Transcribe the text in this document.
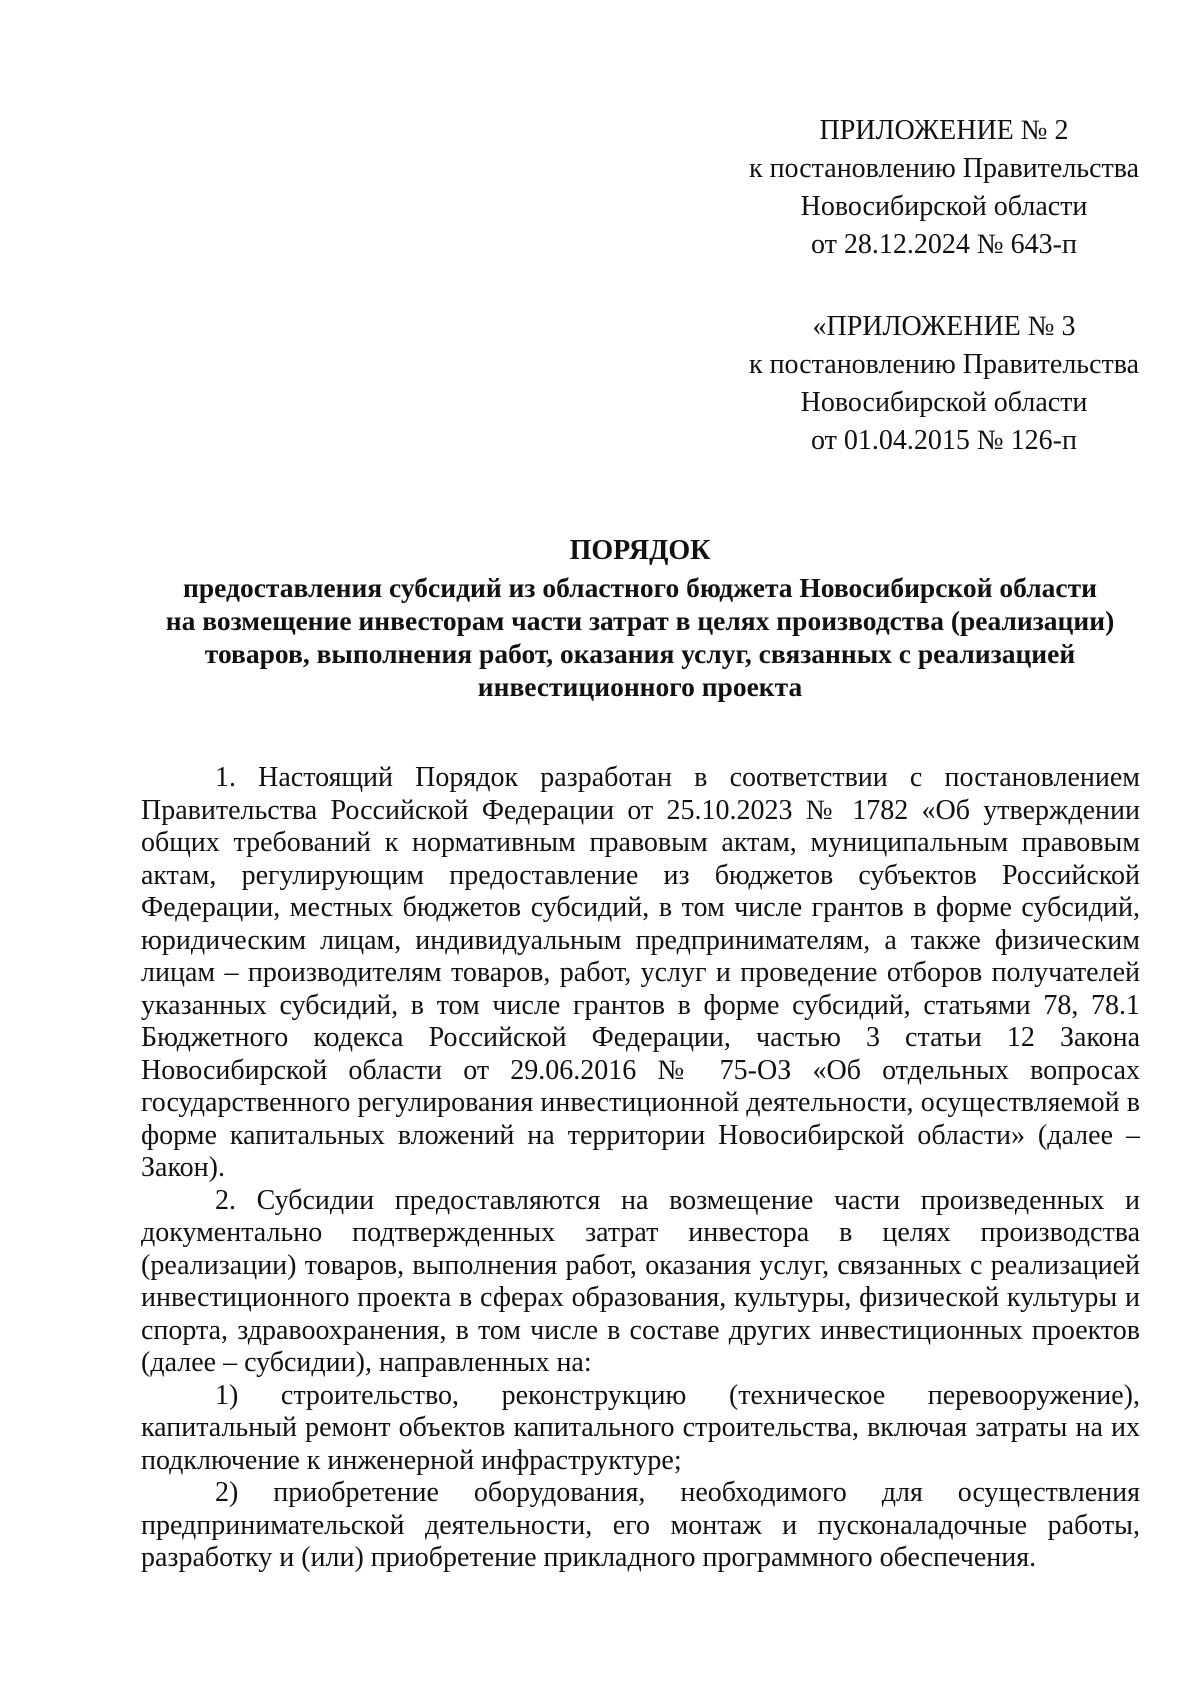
ПРИЛОЖЕНИЕ № 2
к постановлению Правительства
Новосибирской области
от 28.12.2024 № 643-п
«ПРИЛОЖЕНИЕ № 3
к постановлению Правительства
Новосибирской области
от 01.04.2015 № 126-п
ПОРЯДОК
предоставления субсидий из областного бюджета Новосибирской области
на возмещение инвесторам части затрат в целях производства (реализации)
товаров, выполнения работ, оказания услуг, связанных с реализацией
инвестиционного проекта

1. Настоящий Порядок разработан в соответствии с постановлением Правительства Российской Федерации от 25.10.2023 № 1782 «Об утверждении общих требований к нормативным правовым актам, муниципальным правовым актам, регулирующим предоставление из бюджетов субъектов Российской Федерации, местных бюджетов субсидий, в том числе грантов в форме субсидий, юридическим лицам, индивидуальным предпринимателям, а также физическим лицам – производителям товаров, работ, услуг и проведение отборов получателей указанных субсидий, в том числе грантов в форме субсидий, статьями 78, 78.1 Бюджетного кодекса Российской Федерации, частью 3 статьи 12 Закона Новосибирской области от 29.06.2016 № 75-ОЗ «Об отдельных вопросах государственного регулирования инвестиционной деятельности, осуществляемой в форме капитальных вложений на территории Новосибирской области» (далее – Закон).

2. Субсидии предоставляются на возмещение части произведенных и документально подтвержденных затрат инвестора в целях производства (реализации) товаров, выполнения работ, оказания услуг, связанных с реализацией инвестиционного проекта в сферах образования, культуры, физической культуры и спорта, здравоохранения, в том числе в составе других инвестиционных проектов (далее – субсидии), направленных на:

1) строительство, реконструкцию (техническое перевооружение), капитальный ремонт объектов капитального строительства, включая затраты на их подключение к инженерной инфраструктуре;

2) приобретение оборудования, необходимого для осуществления предпринимательской деятельности, его монтаж и пусконаладочные работы, разработку и (или) приобретение прикладного программного обеспечения.
